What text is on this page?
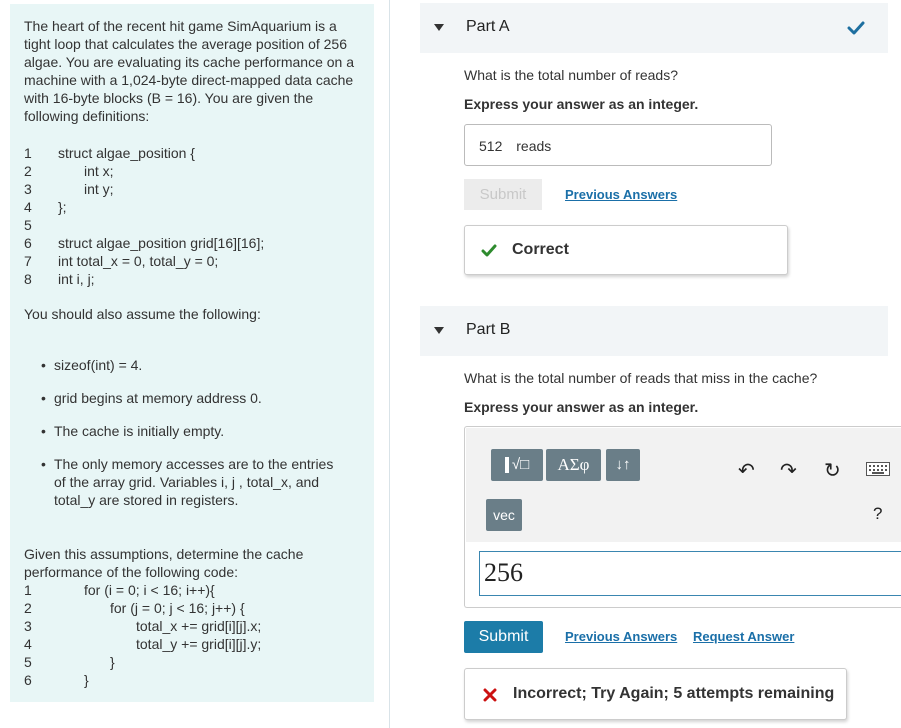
The heart of the recent hit game SimAquarium is a tight loop that calculates the average position of 256 algae. You are evaluating its cache performance on a machine with a 1,024-byte direct-mapped data cache with 16-byte blocks (B = 16). You are given the following definitions:
1 struct algae_position {
2	int x;
3	int y;
4 };
5
6 struct algae_position grid[16][16];
7 int total_x = 0, total_y = 0;
8 int i, j;
You should also assume the following:
• sizeof(int) = 4.
• grid begins at memory address 0.
• The cache is initially empty.
• The only memory accesses are to the entries of the array grid. Variables i, j , total_x, and total_y are stored in registers.
Given this assumptions, determine the cache performance of the following code:
1	for (i = 0; i < 16; i++){
2	for (j = 0; j < 16; j++) {
3	total_x += grid[i][j].x;
4	total_y += grid[i][j].y;
5	}
6	}
Part A
What is the total number of reads?
Express your answer as an integer.
512 reads
Submit	Previous Answers
Correct
Part B
What is the total number of reads that miss in the cache?
Express your answer as an integer.
√□	AΣφ	↓↑
vec
↶ ↷ ↻
?
256
Submit	Previous Answers Request Answer
Incorrect; Try Again; 5 attempts remaining
